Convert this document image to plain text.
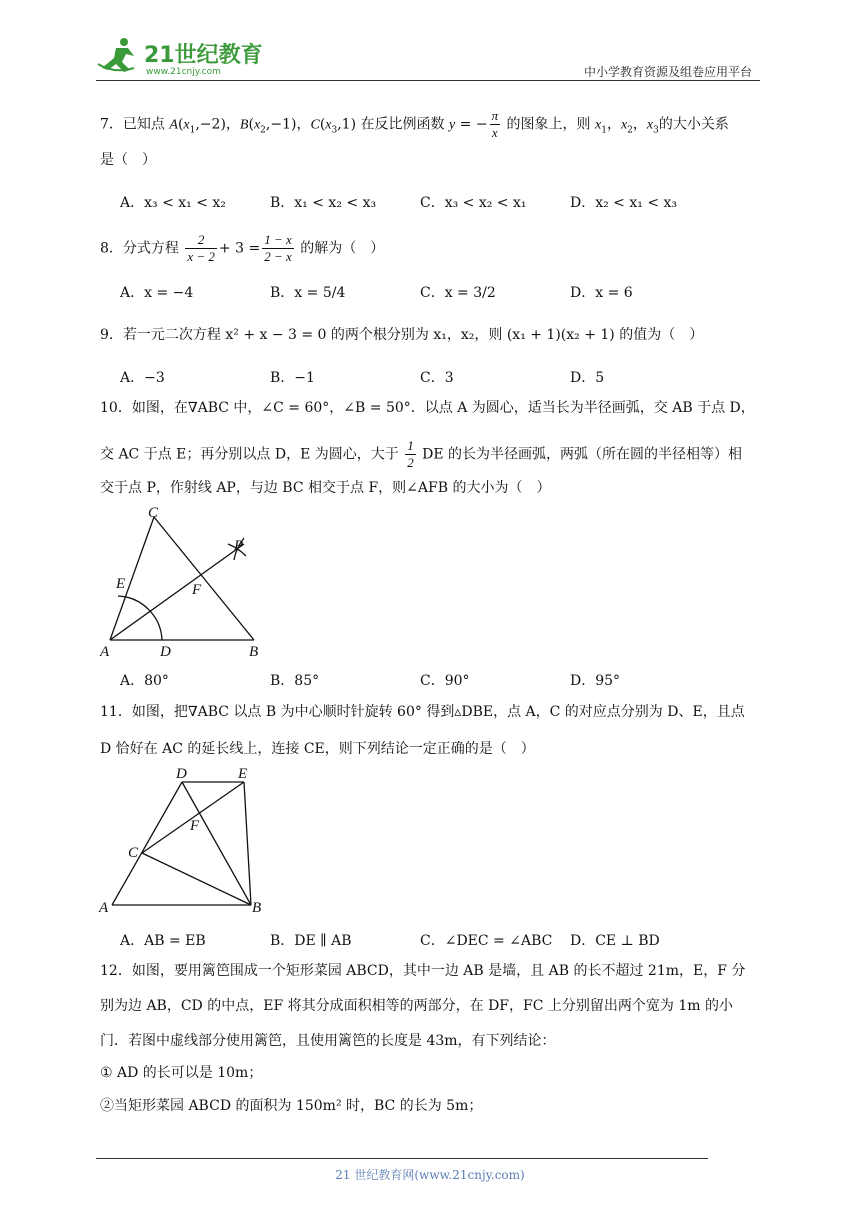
21世纪教育
www.21cnjy.com	中小学教育资源及组卷应用平台
7．已知点 $A(x_1,-2)$，$B(x_2,-1)$，$C(x_3,1)$ 在反比例函数 y = − $\frac{\pi}{x}$ 的图象上，则 $x_1$，$x_2$，$x_3$的大小关系
是（　）
A．x₃ < x₁ < x₂	B．x₁ < x₂ < x₃	C．x₃ < x₂ < x₁	D．x₂ < x₁ < x₃
8．分式方程 $\frac{2}{x - 2} + 3 = \frac{1 - x}{2 - x}$ 的解为（　）
A．x = −4	B．x = 5/4	C．x = 3/2	D．x = 6
9．若一元二次方程 x² + x − 3 = 0 的两个根分别为 x₁，x₂，则 (x₁ + 1)(x₂ + 1) 的值为（　）
A．−3	B．−1	C．3	D．5
10．如图，在∇ABC 中，∠C = 60°，∠B = 50°．以点 A 为圆心，适当长为半径画弧，交 AB 于点 D，
交 AC 于点 E；再分别以点 D，E 为圆心，大于 $\frac{1}{2}$ DE 的长为半径画弧，两弧（所在圆的半径相等）相
交于点 P，作射线 AP，与边 BC 相交于点 F，则∠AFB 的大小为（　）
C
P
E	F
A	D	B
A．80°	B．85°	C．90°	D．95°
11．如图，把∇ABC 以点 B 为中心顺时针旋转 60° 得到▵DBE，点 A，C 的对应点分别为 D、E，且点
D 恰好在 AC 的延长线上，连接 CE，则下列结论一定正确的是（　）
D	E
F
C
A	B
A．AB = EB	B．DE ∥ AB	C．∠DEC = ∠ABC	D．CE ⊥ BD
12．如图，要用篱笆围成一个矩形菜园 ABCD，其中一边 AB 是墙，且 AB 的长不超过 21m，E，F 分
别为边 AB，CD 的中点，EF 将其分成面积相等的两部分，在 DF，FC 上分别留出两个宽为 1m 的小
门．若图中虚线部分使用篱笆，且使用篱笆的长度是 43m，有下列结论：
① AD 的长可以是 10m；
②当矩形菜园 ABCD 的面积为 150m² 时，BC 的长为 5m；
21 世纪教育网(www.21cnjy.com)
